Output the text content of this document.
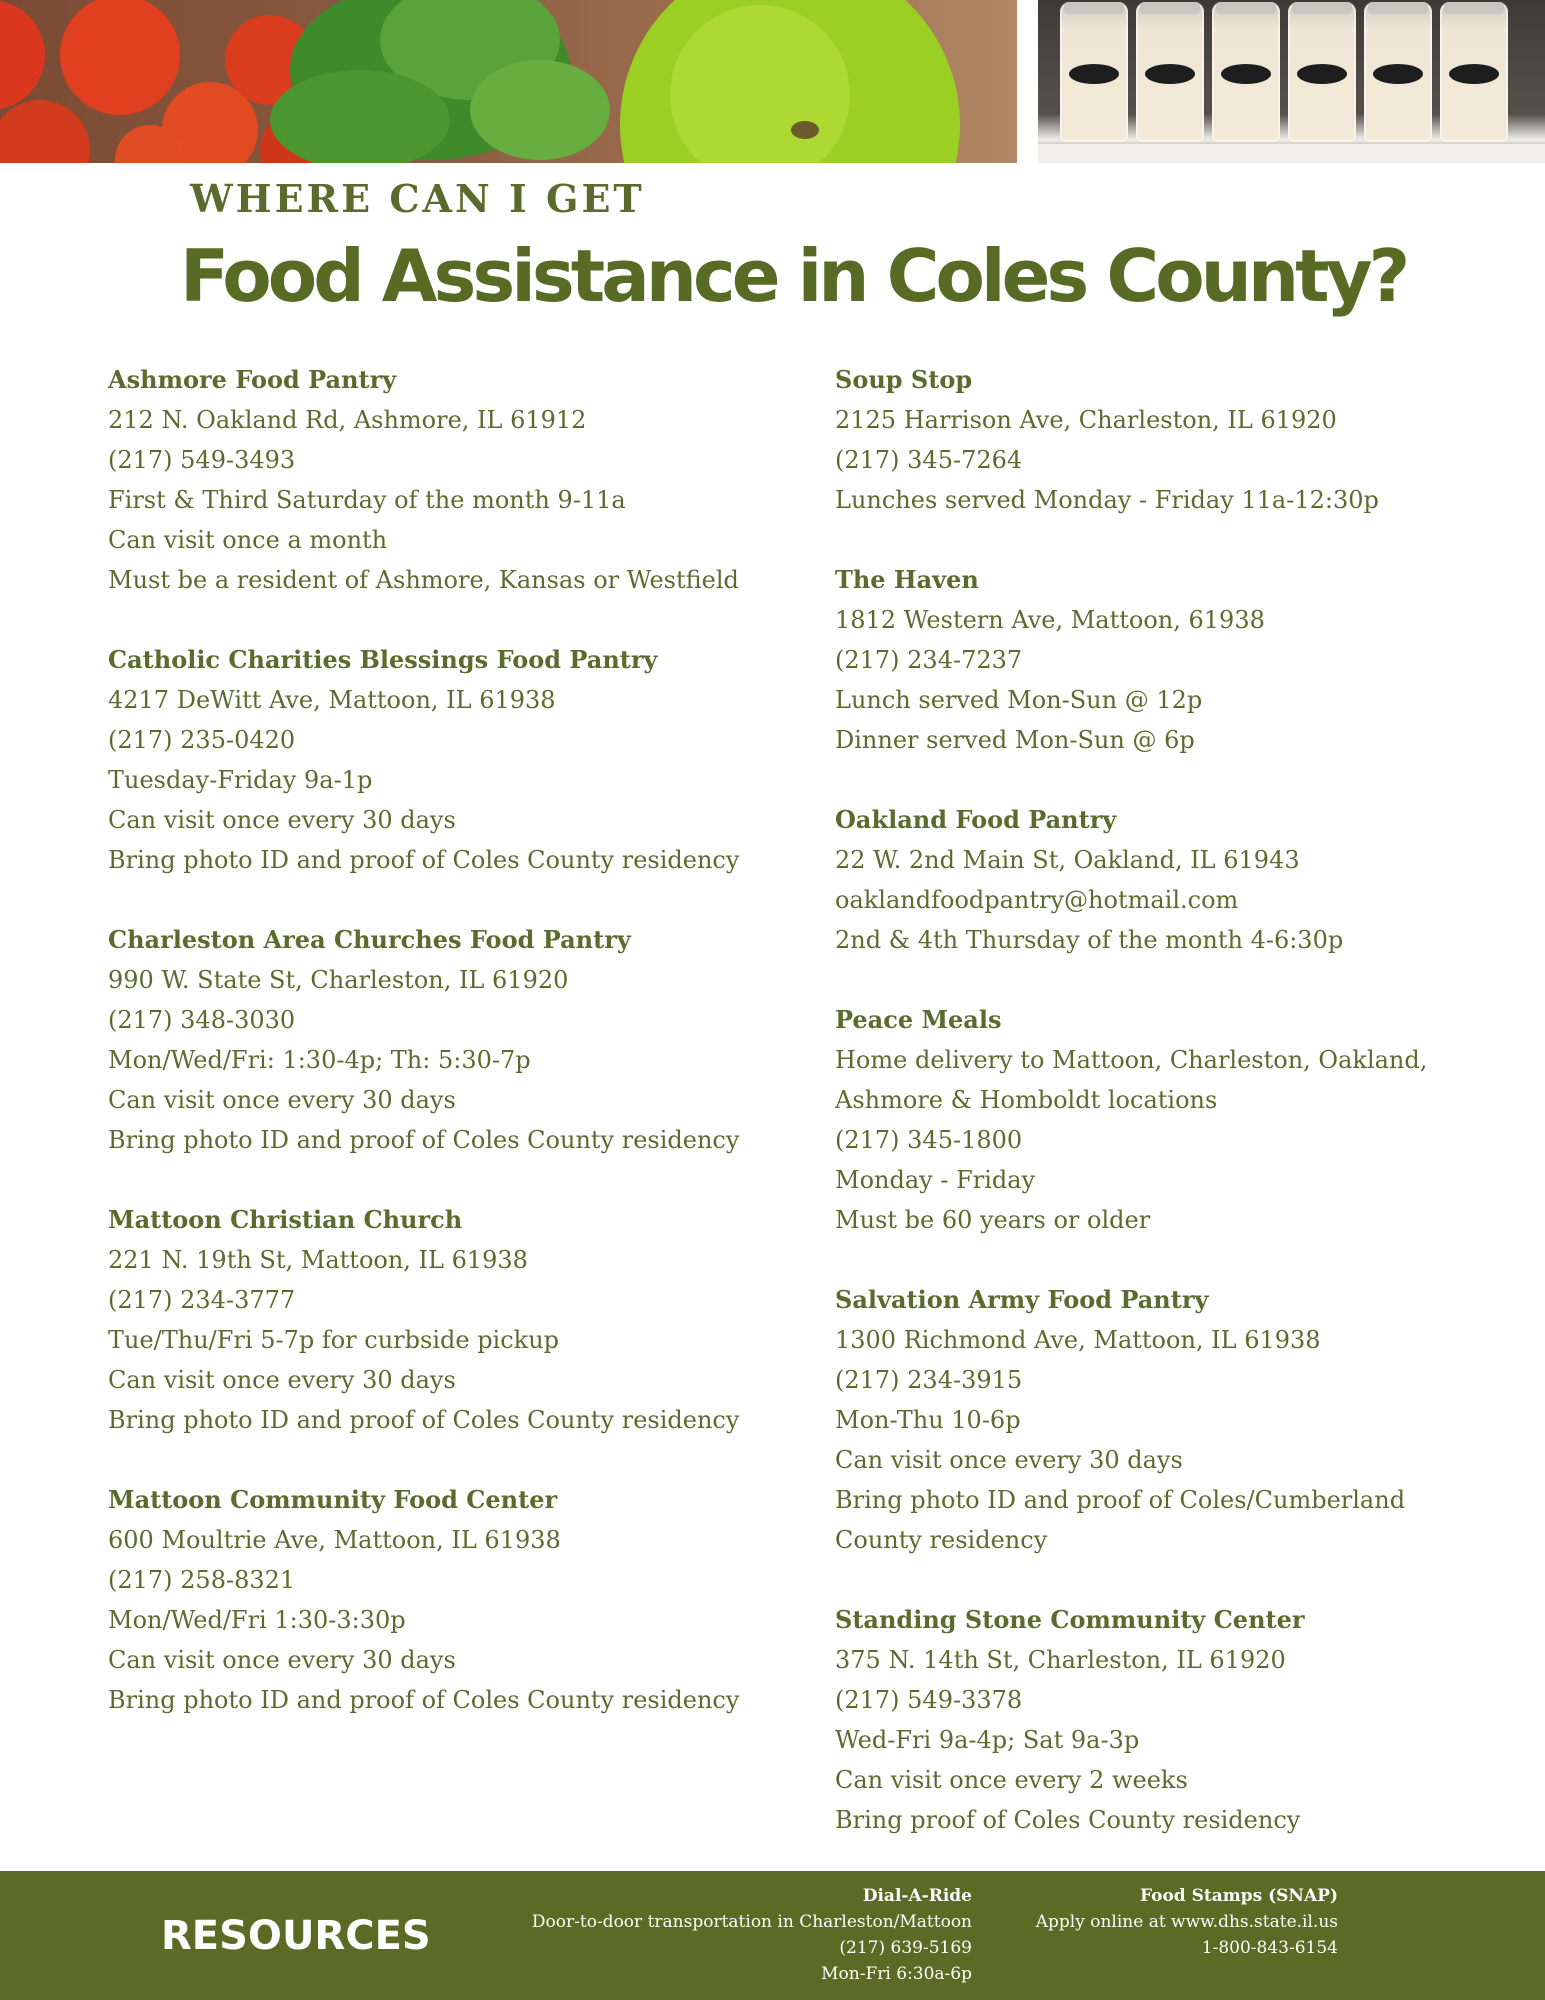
WHERE CAN I GET
Food Assistance in Coles County?
Ashmore Food Pantry
212 N. Oakland Rd, Ashmore, IL 61912
(217) 549-3493
First & Third Saturday of the month 9-11a
Can visit once a month
Must be a resident of Ashmore, Kansas or Westfield
Catholic Charities Blessings Food Pantry
4217 DeWitt Ave, Mattoon, IL 61938
(217) 235-0420
Tuesday-Friday 9a-1p
Can visit once every 30 days
Bring photo ID and proof of Coles County residency
Charleston Area Churches Food Pantry
990 W. State St, Charleston, IL 61920
(217) 348-3030
Mon/Wed/Fri: 1:30-4p; Th: 5:30-7p
Can visit once every 30 days
Bring photo ID and proof of Coles County residency
Mattoon Christian Church
221 N. 19th St, Mattoon, IL 61938
(217) 234-3777
Tue/Thu/Fri 5-7p for curbside pickup
Can visit once every 30 days
Bring photo ID and proof of Coles County residency
Mattoon Community Food Center
600 Moultrie Ave, Mattoon, IL 61938
(217) 258-8321
Mon/Wed/Fri 1:30-3:30p
Can visit once every 30 days
Bring photo ID and proof of Coles County residency
Soup Stop
2125 Harrison Ave, Charleston, IL 61920
(217) 345-7264
Lunches served Monday - Friday 11a-12:30p
The Haven
1812 Western Ave, Mattoon, 61938
(217) 234-7237
Lunch served Mon-Sun @ 12p
Dinner served Mon-Sun @ 6p
Oakland Food Pantry
22 W. 2nd Main St, Oakland, IL 61943
oaklandfoodpantry@hotmail.com
2nd & 4th Thursday of the month 4-6:30p
Peace Meals
Home delivery to Mattoon, Charleston, Oakland,
Ashmore & Homboldt locations
(217) 345-1800
Monday - Friday
Must be 60 years or older
Salvation Army Food Pantry
1300 Richmond Ave, Mattoon, IL 61938
(217) 234-3915
Mon-Thu 10-6p
Can visit once every 30 days
Bring photo ID and proof of Coles/Cumberland
County residency
Standing Stone Community Center
375 N. 14th St, Charleston, IL 61920
(217) 549-3378
Wed-Fri 9a-4p; Sat 9a-3p
Can visit once every 2 weeks
Bring proof of Coles County residency
RESOURCES
Dial-A-Ride
Door-to-door transportation in Charleston/Mattoon
(217) 639-5169
Mon-Fri 6:30a-6p
Food Stamps (SNAP)
Apply online at www.dhs.state.il.us
1-800-843-6154
